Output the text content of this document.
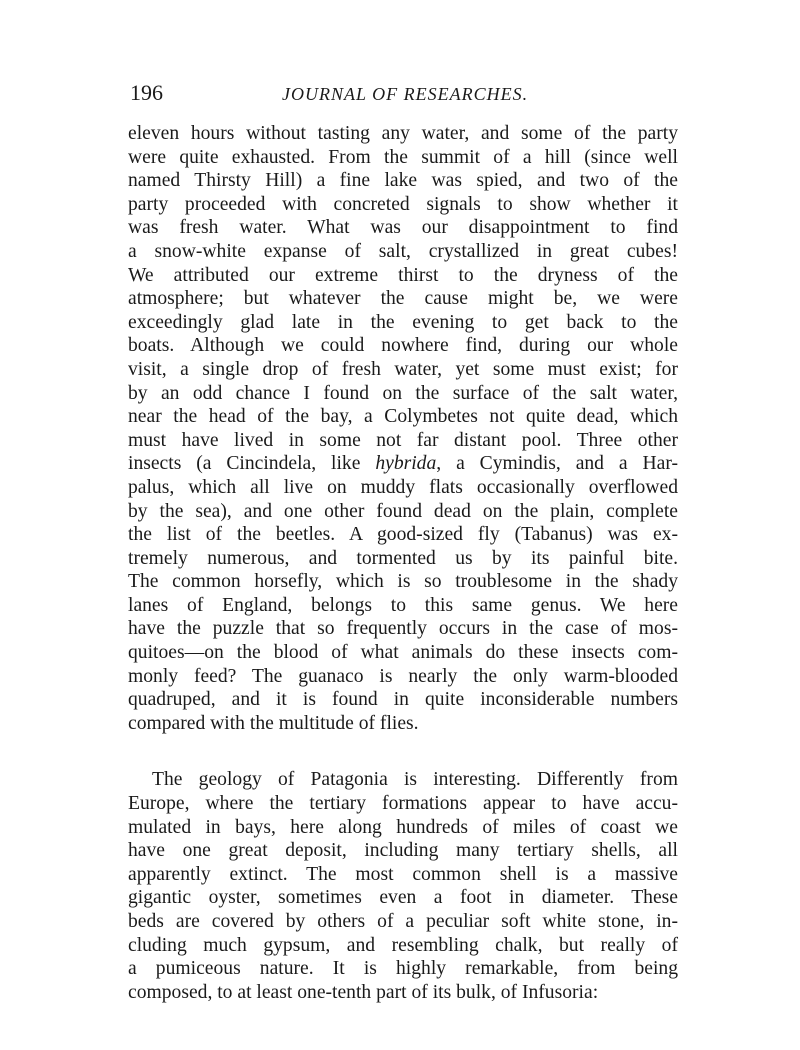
196	JOURNAL OF RESEARCHES.
eleven hours without tasting any water, and some of the party
were quite exhausted. From the summit of a hill (since well
named Thirsty Hill) a fine lake was spied, and two of the
party proceeded with concreted signals to show whether it
was fresh water. What was our disappointment to find
a snow-white expanse of salt, crystallized in great cubes!
We attributed our extreme thirst to the dryness of the
atmosphere; but whatever the cause might be, we were
exceedingly glad late in the evening to get back to the
boats. Although we could nowhere find, during our whole
visit, a single drop of fresh water, yet some must exist; for
by an odd chance I found on the surface of the salt water,
near the head of the bay, a Colymbetes not quite dead, which
must have lived in some not far distant pool. Three other
insects (a Cincindela, like hybrida, a Cymindis, and a Har-
palus, which all live on muddy flats occasionally overflowed
by the sea), and one other found dead on the plain, complete
the list of the beetles. A good-sized fly (Tabanus) was ex-
tremely numerous, and tormented us by its painful bite.
The common horsefly, which is so troublesome in the shady
lanes of England, belongs to this same genus. We here
have the puzzle that so frequently occurs in the case of mos-
quitoes—on the blood of what animals do these insects com-
monly feed? The guanaco is nearly the only warm-blooded
quadruped, and it is found in quite inconsiderable numbers
compared with the multitude of flies.
The geology of Patagonia is interesting. Differently from
Europe, where the tertiary formations appear to have accu-
mulated in bays, here along hundreds of miles of coast we
have one great deposit, including many tertiary shells, all
apparently extinct. The most common shell is a massive
gigantic oyster, sometimes even a foot in diameter. These
beds are covered by others of a peculiar soft white stone, in-
cluding much gypsum, and resembling chalk, but really of
a pumiceous nature. It is highly remarkable, from being
composed, to at least one-tenth part of its bulk, of Infusoria:
